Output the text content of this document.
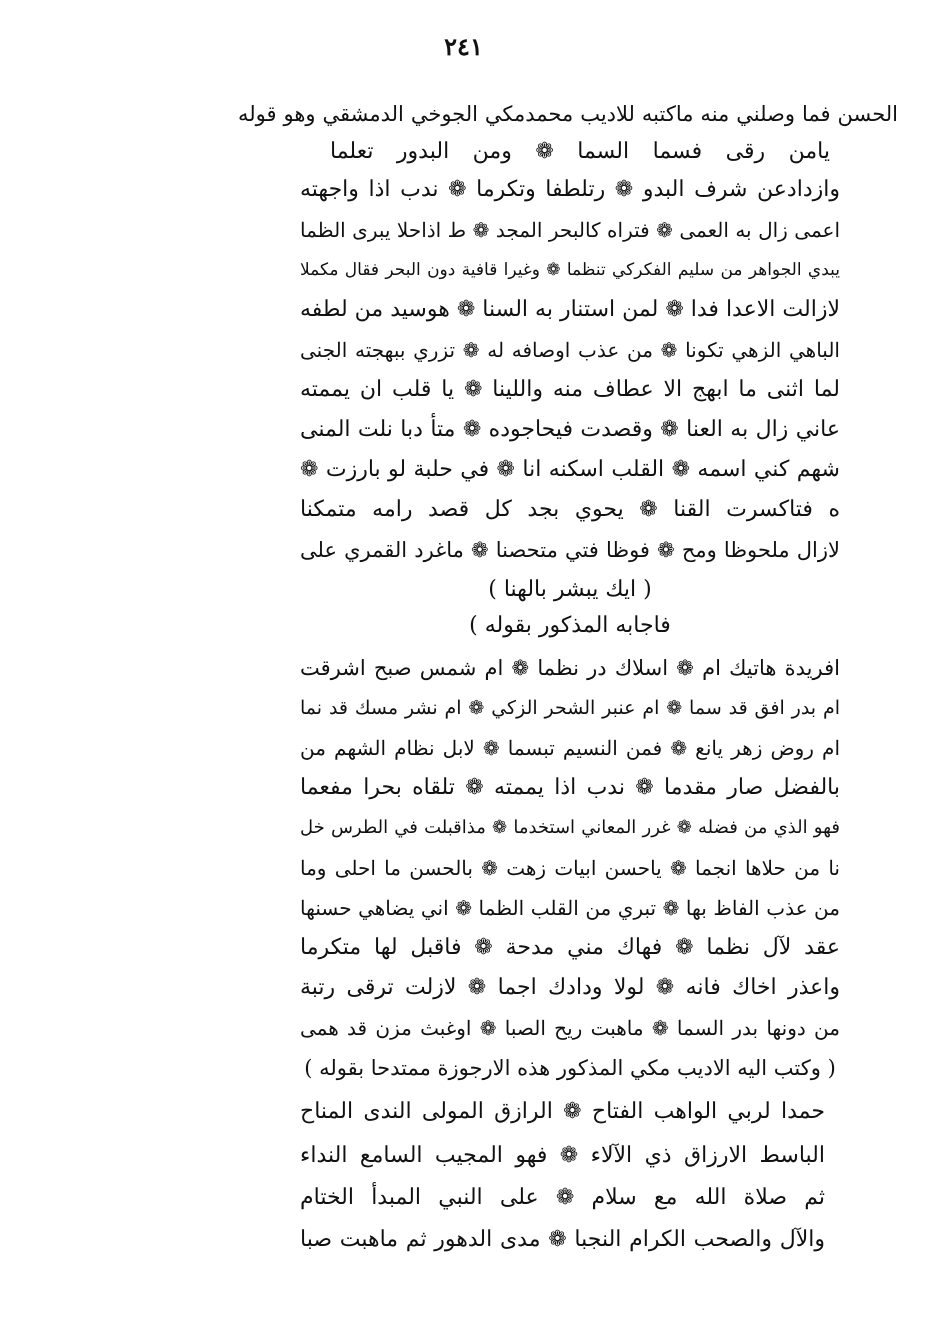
٢٤١
الحسن فما وصلني منه ماكتبه للاديب محمدمكي الجوخي الدمشقي وهو قوله
يامن رقى فسما السما ❁ ومن البدور تعلما
وازدادعن شرف البدو ❁ رتلطفا وتكرما ❁ ندب اذا واجهته
اعمى زال به العمى ❁ فتراه كالبحر المجد ❁ ط اذاحلا يبرى الظما
يبدي الجواهر من سليم الفكركي تنظما ❁ وغيرا قافية دون البحر فقال مكملا
لازالت الاعدا فدا ❁ لمن استنار به السنا ❁ هوسيد من لطفه
الباهي الزهي تكونا ❁ من عذب اوصافه له ❁ تزري ببهجته الجنى
لما اثنى ما ابهج الا عطاف منه واللينا ❁ يا قلب ان يممته
عاني زال به العنا ❁ وقصدت فيحاجوده ❁ متأ دبا نلت المنى
شهم كني اسمه ❁ القلب اسكنه انا ❁ في حلبة لو بارزت ❁
ه فتاكسرت القنا ❁ يحوي بجد كل قصد رامه متمكنا
لازال ملحوظا ومح ❁ فوظا فتي متحصنا ❁ ماغرد القمري على
( ايك يبشر بالهنا )
فاجابه المذكور بقوله )
افريدة هاتيك ام ❁ اسلاك در نظما ❁ ام شمس صبح اشرقت
ام بدر افق قد سما ❁ ام عنبر الشحر الزكي ❁ ام نشر مسك قد نما
ام روض زهر يانع ❁ فمن النسيم تبسما ❁ لابل نظام الشهم من
بالفضل صار مقدما ❁ ندب اذا يممته ❁ تلقاه بحرا مفعما
فهو الذي من فضله ❁ غرر المعاني استخدما ❁ مذاقبلت في الطرس خل
نا من حلاها انجما ❁ ياحسن ابيات زهت ❁ بالحسن ما احلى وما
من عذب الفاظ بها ❁ تبري من القلب الظما ❁ اني يضاهي حسنها
عقد لآل نظما ❁ فهاك مني مدحة ❁ فاقبل لها متكرما
واعذر اخاك فانه ❁ لولا ودادك اجما ❁ لازلت ترقى رتبة
من دونها بدر السما ❁ ماهبت ريح الصبا ❁ اوغبث مزن قد همى
( وكتب اليه الاديب مكي المذكور هذه الارجوزة ممتدحا بقوله )
حمدا لربي الواهب الفتاح ❁ الرازق المولى الندى المناح
الباسط الارزاق ذي الآلاء ❁ فهو المجيب السامع النداء
ثم صلاة الله مع سلام ❁ على النبي المبدأ الختام
والآل والصحب الكرام النجبا ❁ مدى الدهور ثم ماهبت صبا
